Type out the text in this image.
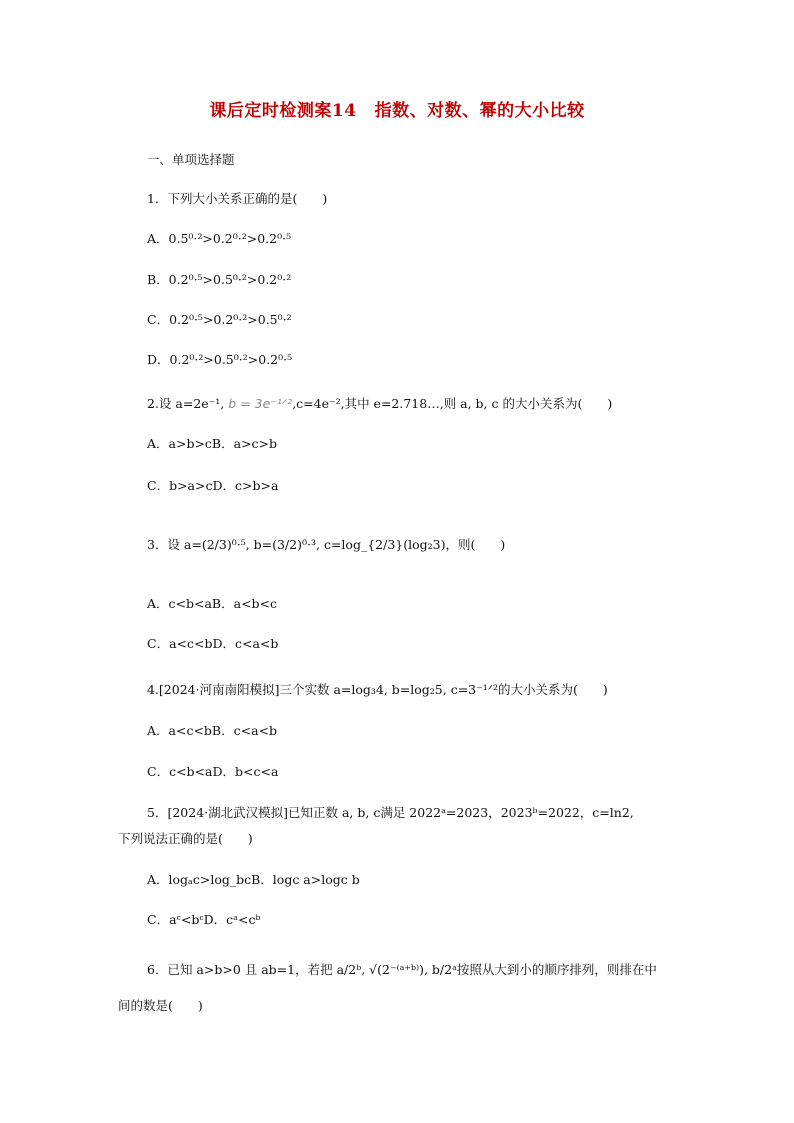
课后定时检测案14 指数、对数、幂的大小比较
一、单项选择题
1．下列大小关系正确的是(　　)
A．0.5⁰·²>0.2⁰·²>0.2⁰·⁵
B．0.2⁰·⁵>0.5⁰·²>0.2⁰·²
C．0.2⁰·⁵>0.2⁰·²>0.5⁰·²
D．0.2⁰·²>0.5⁰·²>0.2⁰·⁵
2.设 a=2e⁻¹, b = 3e⁻¹ᐟ²,c=4e⁻²,其中 e=2.718…,则 a, b, c 的大小关系为(　　)
A．a>b>cB．a>c>b
C．b>a>cD．c>b>a
3．设 a=(2/3)⁰·⁵, b=(3/2)⁰·³, c=log_{2/3}(log₂3)，则(　　)
A．c<b<aB．a<b<c
C．a<c<bD．c<a<b
4.[2024·河南南阳模拟]三个实数 a=log₃4, b=log₂5, c=3⁻¹ᐟ²的大小关系为(　　)
A．a<c<bB．c<a<b
C．c<b<aD．b<c<a
5．[2024·湖北武汉模拟]已知正数 a, b, c满足 2022ᵃ=2023，2023ᵇ=2022，c=ln2,
下列说法正确的是(　　)
A．logₐc>log_bcB．logc a>logc b
C．aᶜ<bᶜD．cᵃ<cᵇ
6．已知 a>b>0 且 ab=1，若把 a/2ᵇ, √(2⁻⁽ᵃ⁺ᵇ⁾), b/2ᵃ按照从大到小的顺序排列，则排在中
间的数是(　　)
